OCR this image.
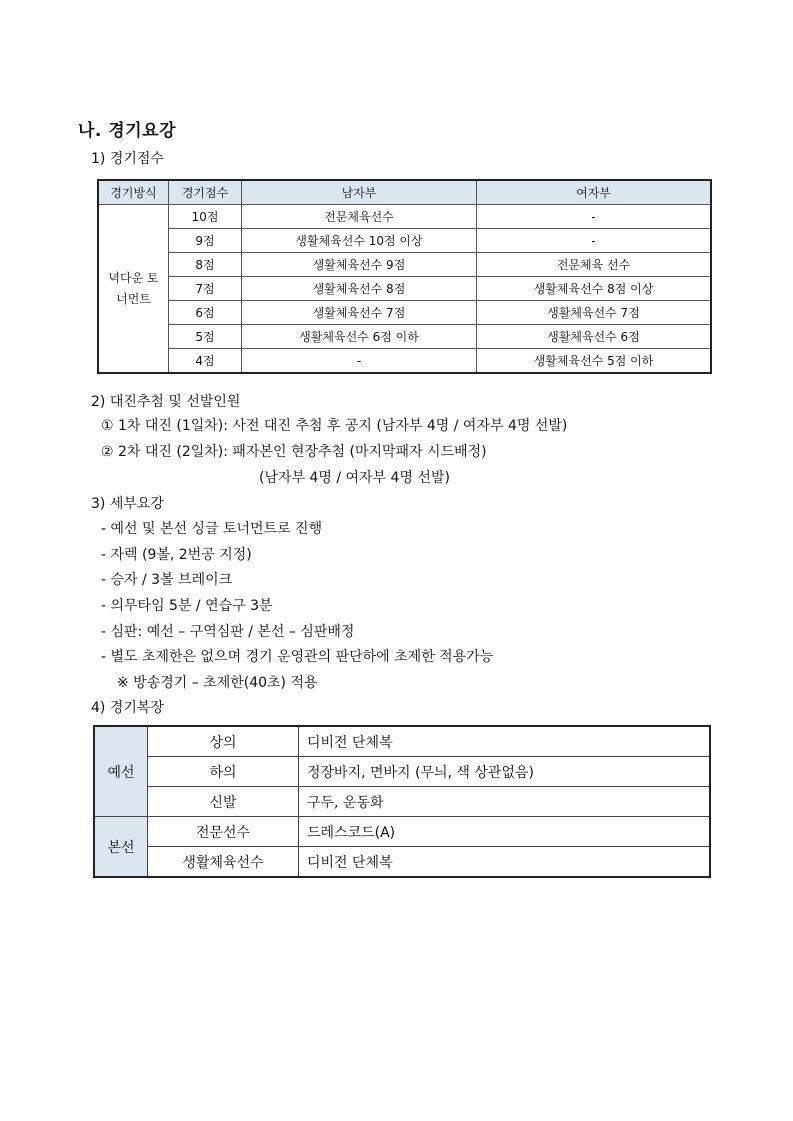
나. 경기요강
1) 경기점수
경기방식	경기점수	남자부	여자부
녁다운 토너먼트	10점	전문체육선수	-
	9점	생활체육선수 10점 이상	-
	8점	생활체육선수 9점	전문체육 선수
	7점	생활체육선수 8점	생활체육선수 8점 이상
	6점	생활체육선수 7점	생활체육선수 7점
	5점	생활체육선수 6점 이하	생활체육선수 6점
	4점	-	생활체육선수 5점 이하
2) 대진추첨 및 선발인원
① 1차 대진 (1일차): 사전 대진 추첨 후 공지 (남자부 4명 / 여자부 4명 선발)
② 2차 대진 (2일차): 패자본인 현장추첨 (마지막패자 시드배정)
(남자부 4명 / 여자부 4명 선발)
3) 세부요강
- 예선 및 본선 싱글 토너먼트로 진행
- 자렉 (9볼, 2번공 지정)
- 승자 / 3볼 브레이크
- 의무타임 5분 / 연습구 3분
- 심판: 예선 – 구역심판 / 본선 – 심판배정
- 별도 초제한은 없으며 경기 운영관의 판단하에 초제한 적용가능
※ 방송경기 – 초제한(40초) 적용
4) 경기복장
예선	상의	디비전 단체복
	하의	정장바지, 면바지 (무늬, 색 상관없음)
	신발	구두, 운동화
본선	전문선수	드레스코드(A)
	생활체육선수	디비전 단체복
